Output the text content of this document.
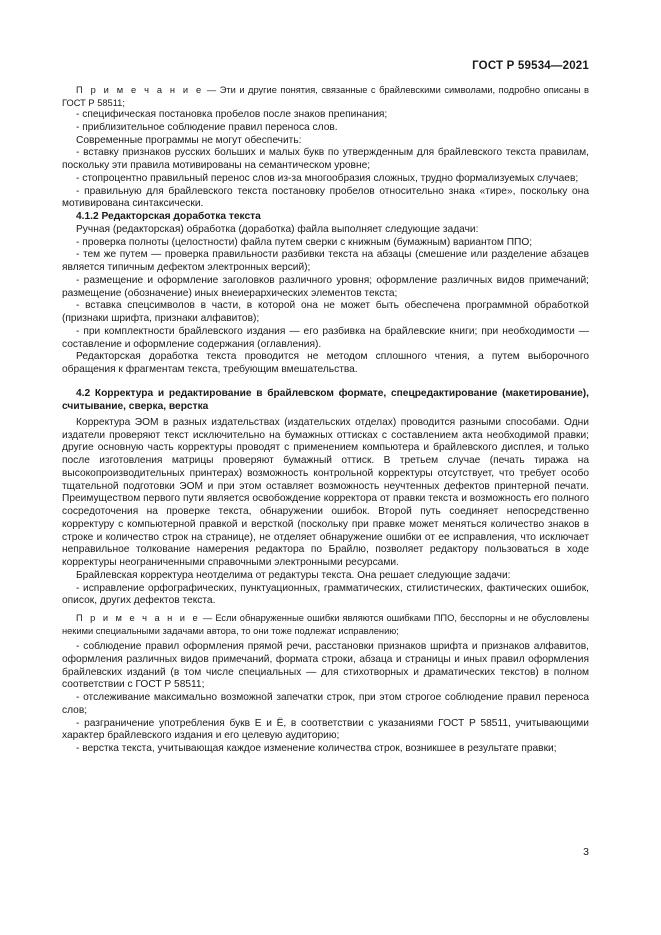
ГОСТ Р 59534—2021

П р и м е ч а н и е — Эти и другие понятия, связанные с брайлевскими символами, подробно описаны в ГОСТ Р 58511;

- специфическая постановка пробелов после знаков препинания;

- приблизительное соблюдение правил переноса слов.

Современные программы не могут обеспечить:

- вставку признаков русских больших и малых букв по утвержденным для брайлевского текста правилам, поскольку эти правила мотивированы на семантическом уровне;

- стопроцентно правильный перенос слов из-за многообразия сложных, трудно формализуемых случаев;

- правильную для брайлевского текста постановку пробелов относительно знака «тире», поскольку она мотивирована синтаксически.

4.1.2 Редакторская доработка текста

Ручная (редакторская) обработка (доработка) файла выполняет следующие задачи:

- проверка полноты (целостности) файла путем сверки с книжным (бумажным) вариантом ППО;

- тем же путем — проверка правильности разбивки текста на абзацы (смешение или разделение абзацев является типичным дефектом электронных версий);

- размещение и оформление заголовков различного уровня; оформление различных видов примечаний; размещение (обозначение) иных внеиерархических элементов текста;

- вставка спецсимволов в части, в которой она не может быть обеспечена программной обработкой (признаки шрифта, признаки алфавитов);

- при комплектности брайлевского издания — его разбивка на брайлевские книги; при необходимости — составление и оформление содержания (оглавления).

Редакторская доработка текста проводится не методом сплошного чтения, а путем выборочного обращения к фрагментам текста, требующим вмешательства.

4.2 Корректура и редактирование в брайлевском формате, спецредактирование (макетирование), считывание, сверка, верстка

Корректура ЭОМ в разных издательствах (издательских отделах) проводится разными способами. Одни издатели проверяют текст исключительно на бумажных оттисках с составлением акта необходимой правки; другие основную часть корректуры проводят с применением компьютера и брайлевского дисплея, и только после изготовления матрицы проверяют бумажный оттиск. В третьем случае (печать тиража на высокопроизводительных принтерах) возможность контрольной корректуры отсутствует, что требует особо тщательной подготовки ЭОМ и при этом оставляет возможность неучтенных дефектов принтерной печати. Преимуществом первого пути является освобождение корректора от правки текста и возможность его полного сосредоточения на проверке текста, обнаружении ошибок. Второй путь соединяет непосредственно корректуру с компьютерной правкой и версткой (поскольку при правке может меняться количество знаков в строке и количество строк на странице), не отделяет обнаружение ошибки от ее исправления, что исключает неправильное толкование намерения редактора по Брайлю, позволяет редактору пользоваться в ходе корректуры неограниченными справочными электронными ресурсами.

Брайлевская корректура неотделима от редактуры текста. Она решает следующие задачи:

- исправление орфографических, пунктуационных, грамматических, стилистических, фактических ошибок, описок, других дефектов текста.

П р и м е ч а н и е — Если обнаруженные ошибки являются ошибками ППО, бесспорны и не обусловлены некими специальными задачами автора, то они тоже подлежат исправлению;

- соблюдение правил оформления прямой речи, расстановки признаков шрифта и признаков алфавитов, оформления различных видов примечаний, формата строки, абзаца и страницы и иных правил оформления брайлевских изданий (в том числе специальных — для стихотворных и драматических текстов) в полном соответствии с ГОСТ Р 58511;

- отслеживание максимально возможной запечатки строк, при этом строгое соблюдение правил переноса слов;

- разграничение употребления букв Е и Ё, в соответствии с указаниями ГОСТ Р 58511, учитывающими характер брайлевского издания и его целевую аудиторию;

- верстка текста, учитывающая каждое изменение количества строк, возникшее в результате правки;

3
